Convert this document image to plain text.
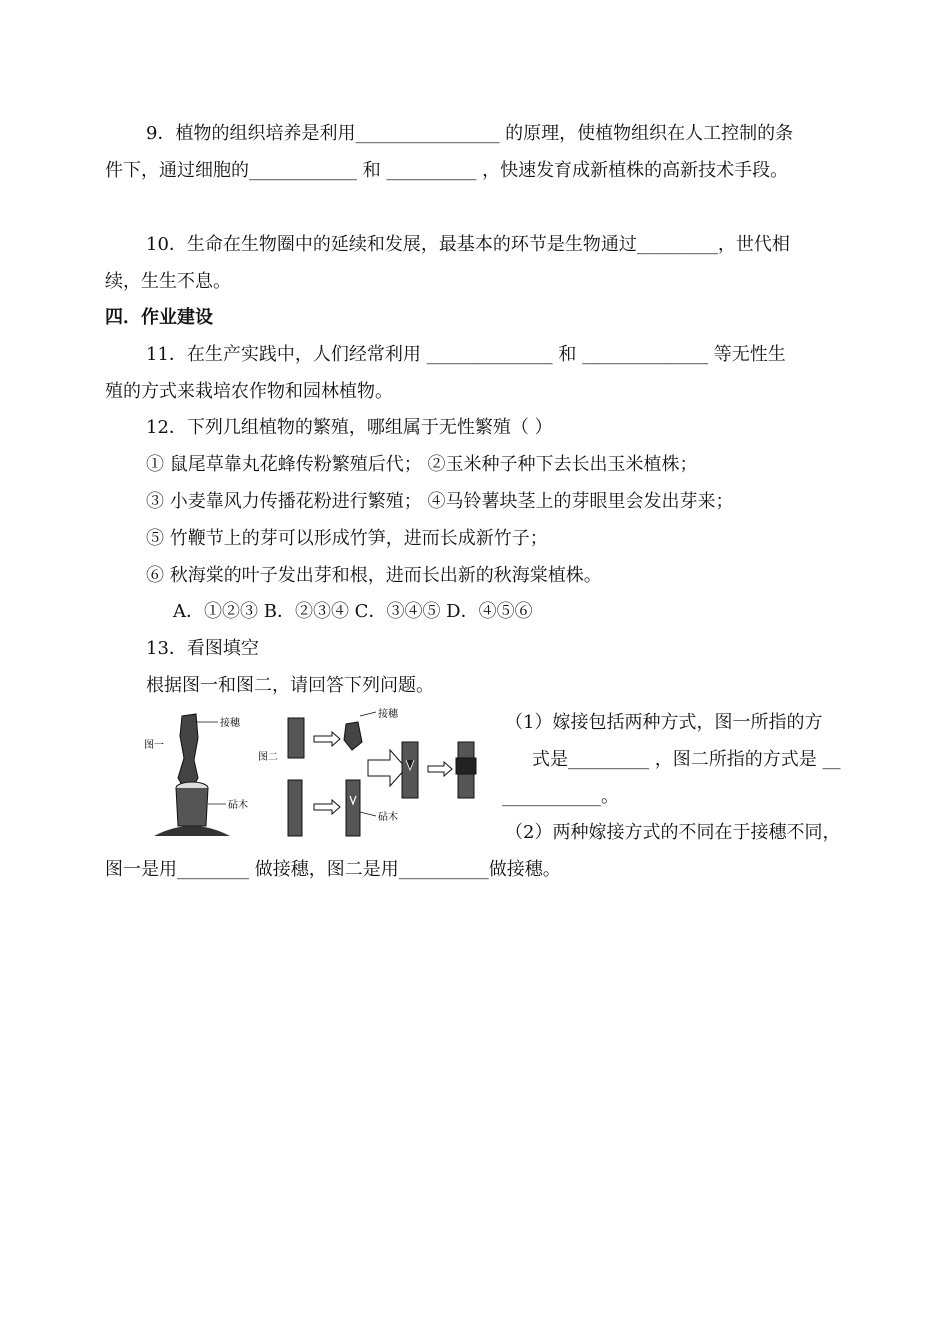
9．植物的组织培养是利用________________ 的原理，使植物组织在人工控制的条
件下，通过细胞的____________ 和 __________ ，快速发育成新植株的高新技术手段。
10．生命在生物圈中的延续和发展，最基本的环节是生物通过_________，世代相
续，生生不息。
四．作业建设
11．在生产实践中，人们经常利用 ______________ 和 ______________ 等无性生
殖的方式来栽培农作物和园林植物。
12．下列几组植物的繁殖，哪组属于无性繁殖（ ）
① 鼠尾草靠丸花蜂传粉繁殖后代； ②玉米种子种下去长出玉米植株；
③ 小麦靠风力传播花粉进行繁殖； ④马铃薯块茎上的芽眼里会发出芽来；
⑤ 竹鞭节上的芽可以形成竹笋，进而长成新竹子；
⑥ 秋海棠的叶子发出芽和根，进而长出新的秋海棠植株。
A．①②③ B．②③④ C．③④⑤ D．④⑤⑥
13．看图填空
根据图一和图二，请回答下列问题。
（1）嫁接包括两种方式，图一所指的方
式是_________ ，图二所指的方式是 __
___________。
（2）两种嫁接方式的不同在于接穗不同，
图一是用________ 做接穗，图二是用__________做接穗。
图一
接穗
砧木
图二
接穗
砧木
